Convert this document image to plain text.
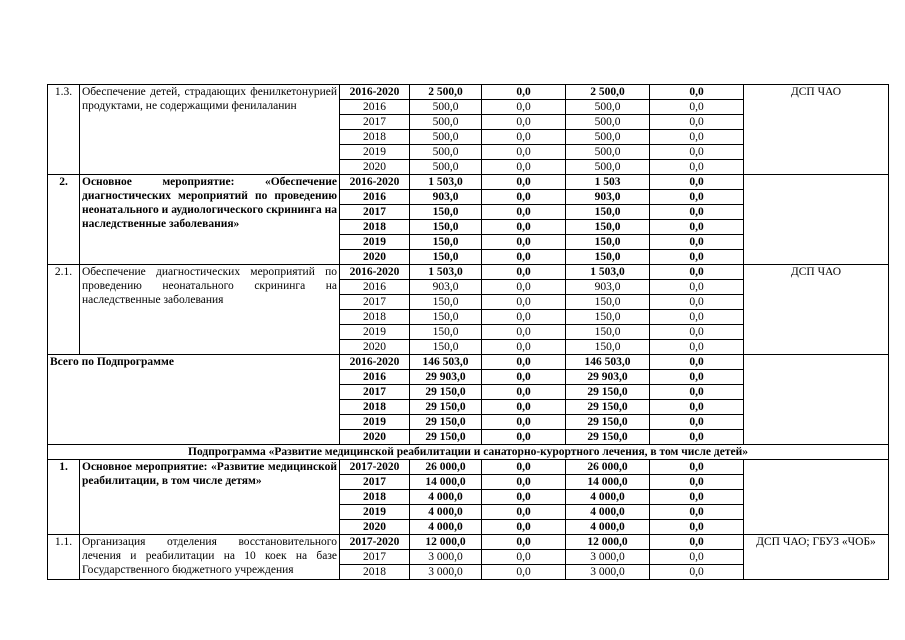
1.3.	Обеспечение детей, страдающих фенилкетонурией продуктами, не содержащими фенилаланин	2016-2020	2 500,0	0,0	2 500,0	0,0	ДСП ЧАО
		2016	500,0	0,0	500,0	0,0	
		2017	500,0	0,0	500,0	0,0	
		2018	500,0	0,0	500,0	0,0	
		2019	500,0	0,0	500,0	0,0	
		2020	500,0	0,0	500,0	0,0	
2.	Основное мероприятие: «Обеспечение диагностических мероприятий по проведению неонатального и аудиологического скрининга на наследственные заболевания»	2016-2020	1 503,0	0,0	1 503	0,0	
		2016	903,0	0,0	903,0	0,0	
		2017	150,0	0,0	150,0	0,0	
		2018	150,0	0,0	150,0	0,0	
		2019	150,0	0,0	150,0	0,0	
		2020	150,0	0,0	150,0	0,0	
2.1.	Обеспечение диагностических мероприятий по проведению неонатального скрининга на наследственные заболевания	2016-2020	1 503,0	0,0	1 503,0	0,0	ДСП ЧАО
		2016	903,0	0,0	903,0	0,0	
		2017	150,0	0,0	150,0	0,0	
		2018	150,0	0,0	150,0	0,0	
		2019	150,0	0,0	150,0	0,0	
		2020	150,0	0,0	150,0	0,0	
Всего по Подпрограмме		2016-2020	146 503,0	0,0	146 503,0	0,0	
		2016	29 903,0	0,0	29 903,0	0,0	
		2017	29 150,0	0,0	29 150,0	0,0	
		2018	29 150,0	0,0	29 150,0	0,0	
		2019	29 150,0	0,0	29 150,0	0,0	
		2020	29 150,0	0,0	29 150,0	0,0	
Подпрограмма «Развитие медицинской реабилитации и санаторно-курортного лечения, в том числе детей»							
1.	Основное мероприятие: «Развитие медицинской реабилитации, в том числе детям»	2017-2020	26 000,0	0,0	26 000,0	0,0	
		2017	14 000,0	0,0	14 000,0	0,0	
		2018	4 000,0	0,0	4 000,0	0,0	
		2019	4 000,0	0,0	4 000,0	0,0	
		2020	4 000,0	0,0	4 000,0	0,0	
1.1.	Организация отделения восстановительного лечения и реабилитации на 10 коек на базе Государственного бюджетного учреждения	2017-2020	12 000,0	0,0	12 000,0	0,0	ДСП ЧАО; ГБУЗ «ЧОБ»
		2017	3 000,0	0,0	3 000,0	0,0	
		2018	3 000,0	0,0	3 000,0	0,0	
